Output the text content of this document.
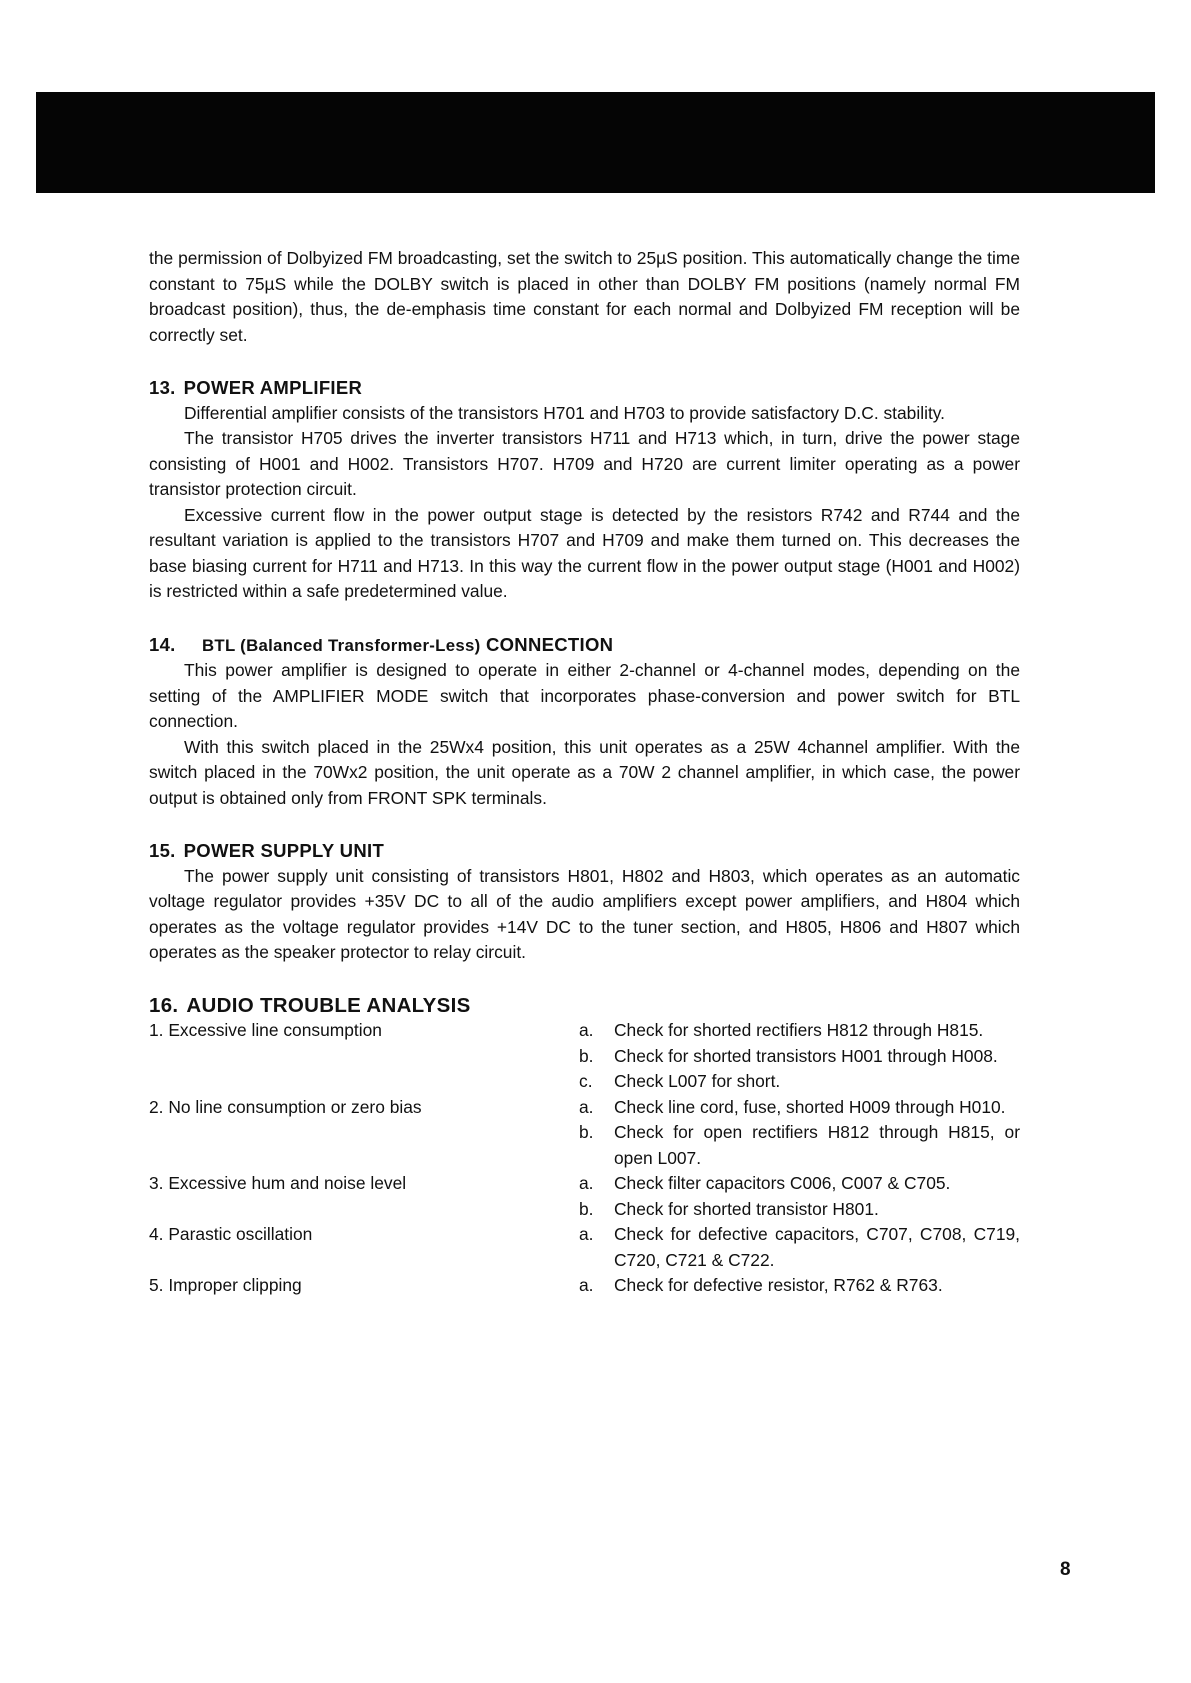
the permission of Dolbyized FM broadcasting, set the switch to 25µS position. This automatically change the time constant to 75µS while the DOLBY switch is placed in other than DOLBY FM positions (namely normal FM broadcast position), thus, the de-emphasis time constant for each normal and Dolbyized FM reception will be correctly set.

13. POWER AMPLIFIER

Differential amplifier consists of the transistors H701 and H703 to provide satisfactory D.C. stability.

The transistor H705 drives the inverter transistors H711 and H713 which, in turn, drive the power stage consisting of H001 and H002. Transistors H707. H709 and H720 are current limiter operating as a power transistor protection circuit.

Excessive current flow in the power output stage is detected by the resistors R742 and R744 and the resultant variation is applied to the transistors H707 and H709 and make them turned on. This decreases the base biasing current for H711 and H713. In this way the current flow in the power output stage (H001 and H002) is restricted within a safe predetermined value.

14. BTL (Balanced Transformer-Less) CONNECTION

This power amplifier is designed to operate in either 2-channel or 4-channel modes, depending on the setting of the AMPLIFIER MODE switch that incorporates phase-conversion and power switch for BTL connection.

With this switch placed in the 25Wx4 position, this unit operates as a 25W 4channel amplifier. With the switch placed in the 70Wx2 position, the unit operate as a 70W 2 channel amplifier, in which case, the power output is obtained only from FRONT SPK terminals.

15. POWER SUPPLY UNIT

The power supply unit consisting of transistors H801, H802 and H803, which operates as an automatic voltage regulator provides +35V DC to all of the audio amplifiers except power amplifiers, and H804 which operates as the voltage regulator provides +14V DC to the tuner section, and H805, H806 and H807 which operates as the speaker protector to relay circuit.

16. AUDIO TROUBLE ANALYSIS
1. Excessive line consumption	a.	Check for shorted rectifiers H812 through H815.
b.	Check for shorted transistors H001 through H008.
c.	Check L007 for short.
2. No line consumption or zero bias	a.	Check line cord, fuse, shorted H009 through H010.
b.	Check for open rectifiers H812 through H815, or open L007.
3. Excessive hum and noise level	a.	Check filter capacitors C006, C007 & C705.
b.	Check for shorted transistor H801.
4. Parastic oscillation	a.	Check for defective capacitors, C707, C708, C719, C720, C721 & C722.
5. Improper clipping	a.	Check for defective resistor, R762 & R763.
8
